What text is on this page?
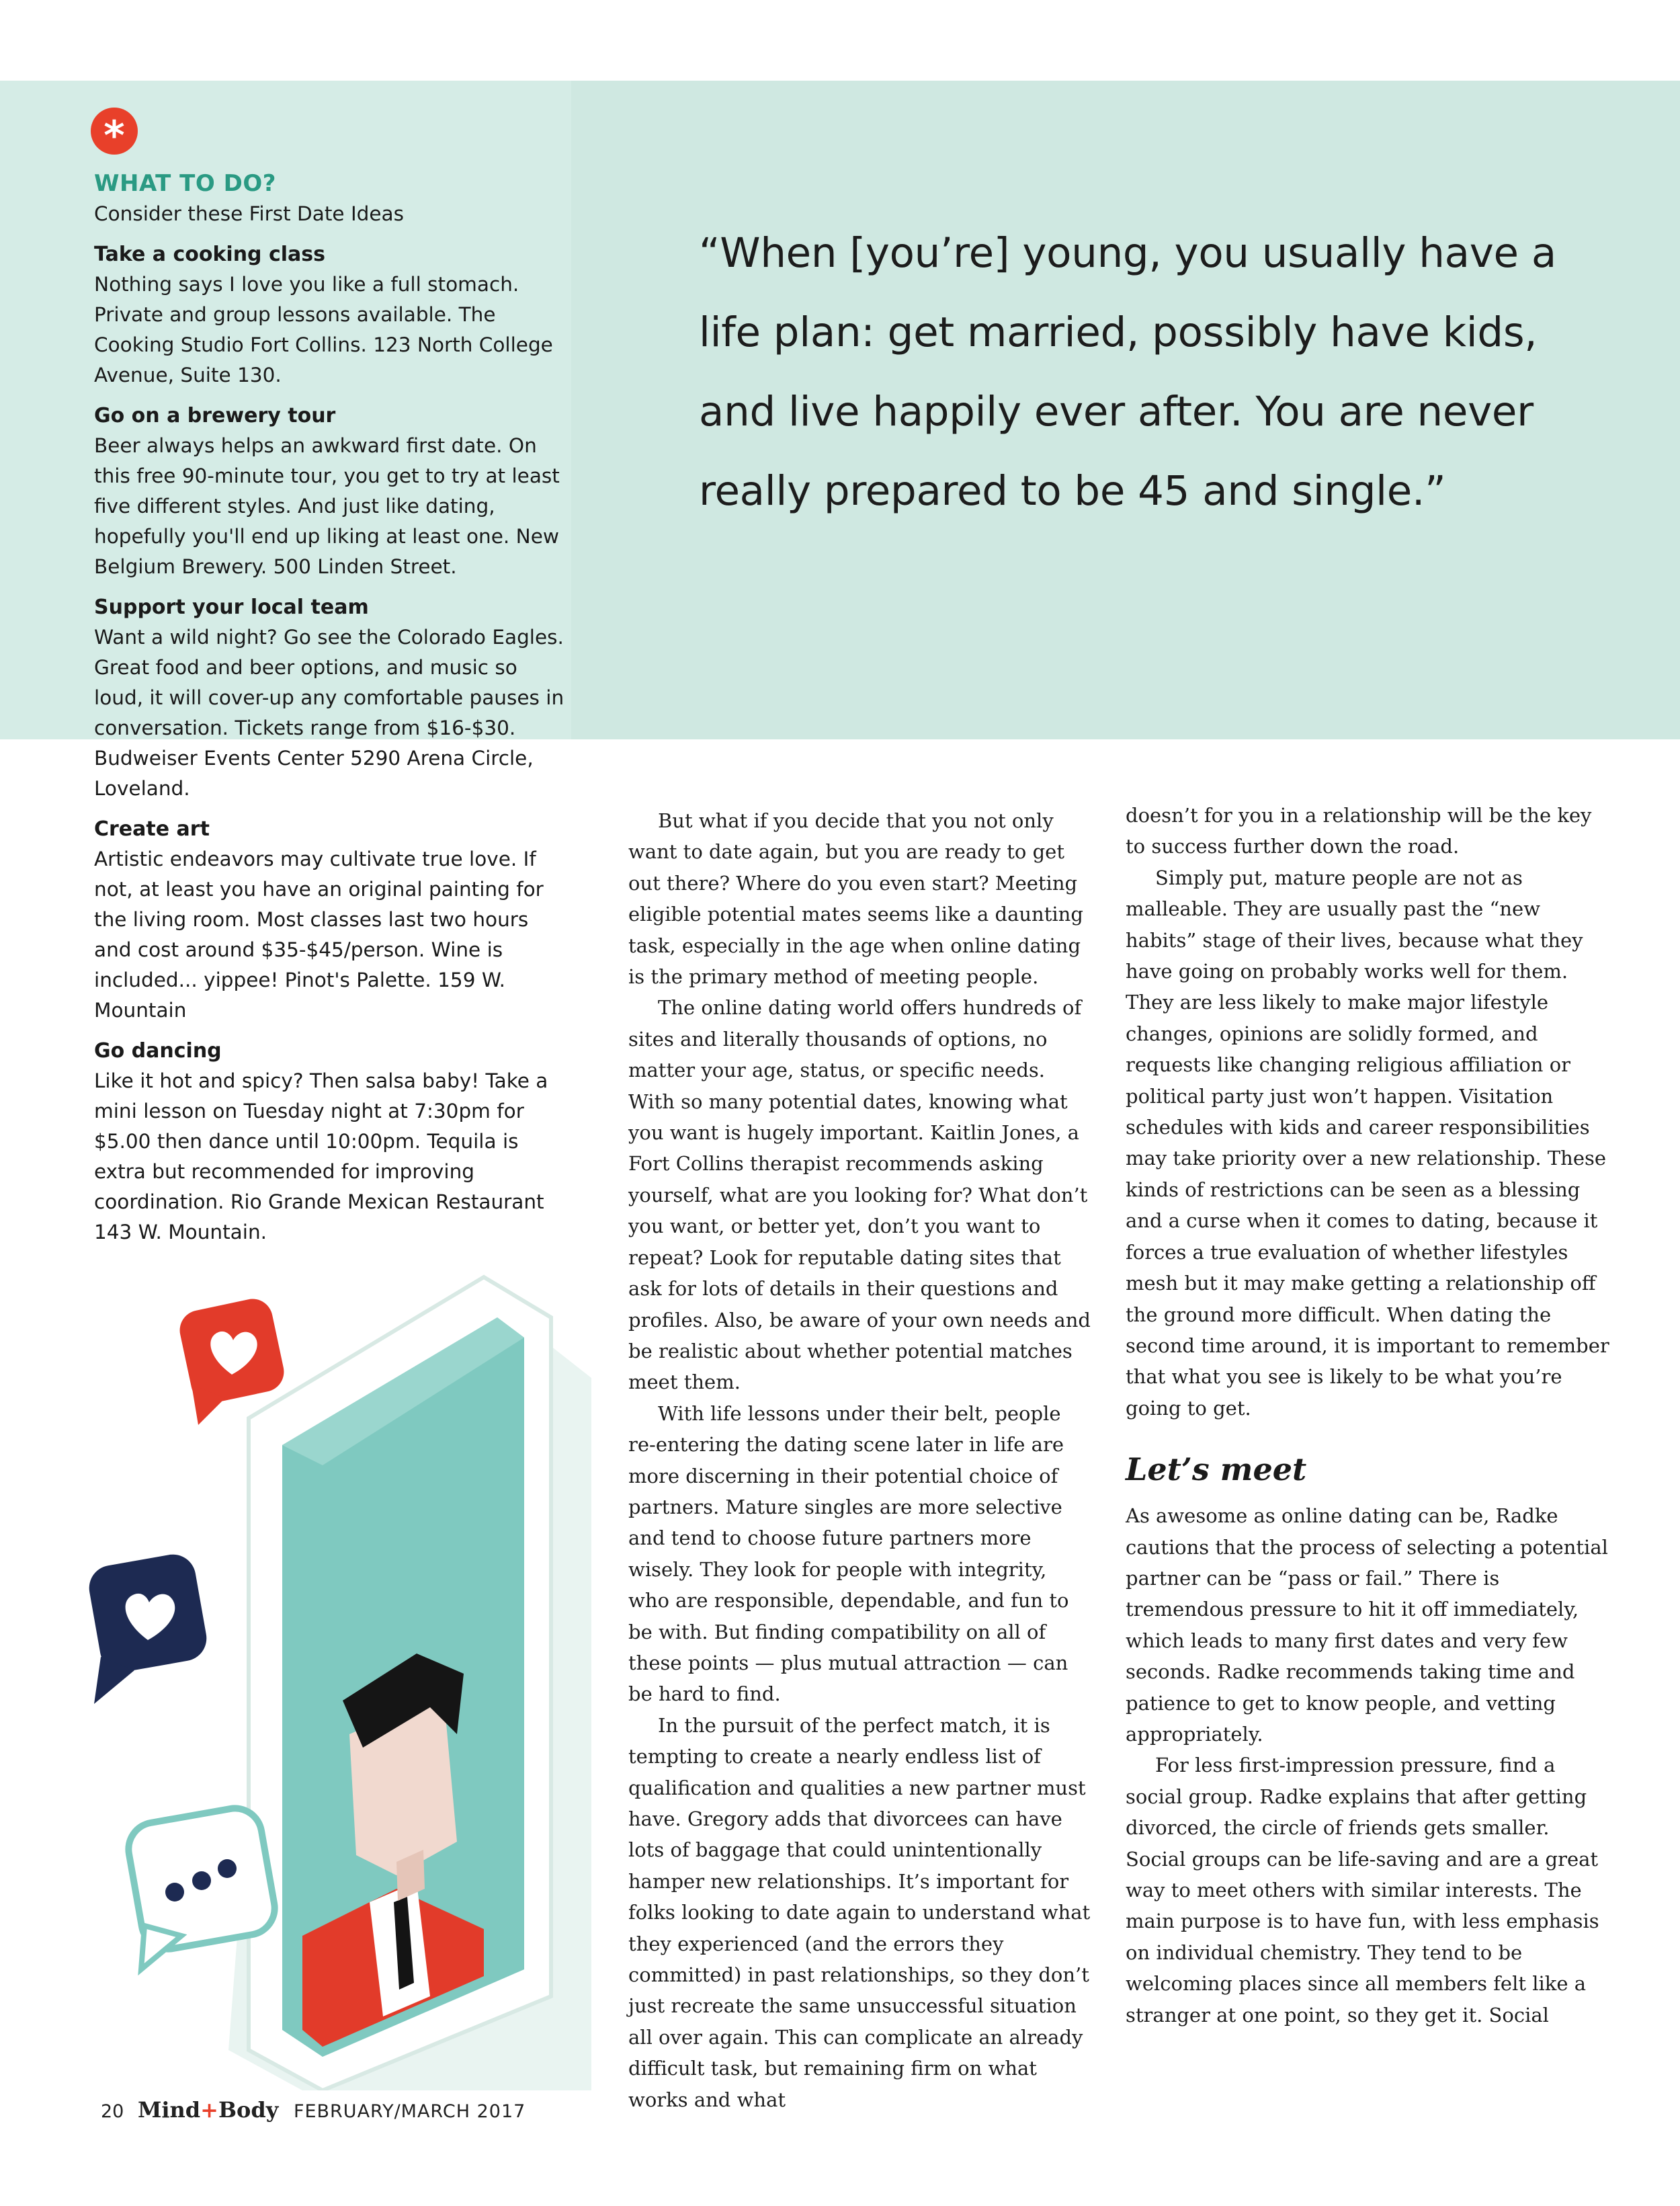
*
WHAT TO DO?
Consider these First Date Ideas
Take a cooking class

Nothing says I love you like a full stomach. Private and group lessons available. The Cooking Studio Fort Collins. 123 North College Avenue, Suite 130.

Go on a brewery tour

Beer always helps an awkward first date. On this free 90-minute tour, you get to try at least five different styles. And just like dating, hopefully you'll end up liking at least one. New Belgium Brewery. 500 Linden Street.

Support your local team

Want a wild night? Go see the Colorado Eagles. Great food and beer options, and music so loud, it will cover-up any comfortable pauses in conversation. Tickets range from $16-$30. Budweiser Events Center 5290 Arena Circle, Loveland.

Create art

Artistic endeavors may cultivate true love. If not, at least you have an original painting for the living room. Most classes last two hours and cost around $35-$45/person. Wine is included... yippee! Pinot's Palette. 159 W. Mountain

Go dancing

Like it hot and spicy? Then salsa baby! Take a mini lesson on Tuesday night at 7:30pm for $5.00 then dance until 10:00pm. Tequila is extra but recommended for improving coordination. Rio Grande Mexican Restaurant 143 W. Mountain.

“When [you’re] young, you usually have a life plan: get married, possibly have kids, and live happily ever after. You are never really prepared to be 45 and single.”

But what if you decide that you not only want to date again, but you are ready to get out there? Where do you even start? Meeting eligible potential mates seems like a daunting task, especially in the age when online dating is the primary method of meeting people.

The online dating world offers hundreds of sites and literally thousands of options, no matter your age, status, or specific needs. With so many potential dates, knowing what you want is hugely important. Kaitlin Jones, a Fort Collins therapist recommends asking yourself, what are you looking for? What don’t you want, or better yet, don’t you want to repeat? Look for reputable dating sites that ask for lots of details in their questions and profiles. Also, be aware of your own needs and be realistic about whether potential matches meet them.

With life lessons under their belt, people re-entering the dating scene later in life are more discerning in their potential choice of partners. Mature singles are more selective and tend to choose future partners more wisely. They look for people with integrity, who are responsible, dependable, and fun to be with. But finding compatibility on all of these points — plus mutual attraction — can be hard to find.

In the pursuit of the perfect match, it is tempting to create a nearly endless list of qualification and qualities a new partner must have. Gregory adds that divorcees can have lots of baggage that could unintentionally hamper new relationships. It’s important for folks looking to date again to understand what they experienced (and the errors they committed) in past relationships, so they don’t just recreate the same unsuccessful situation all over again. This can complicate an already difficult task, but remaining firm on what works and what

doesn’t for you in a relationship will be the key to success further down the road.

Simply put, mature people are not as malleable. They are usually past the “new habits” stage of their lives, because what they have going on probably works well for them. They are less likely to make major lifestyle changes, opinions are solidly formed, and requests like changing religious affiliation or political party just won’t happen. Visitation schedules with kids and career responsibilities may take priority over a new relationship. These kinds of restrictions can be seen as a blessing and a curse when it comes to dating, because it forces a true evaluation of whether lifestyles mesh but it may make getting a relationship off the ground more difficult. When dating the second time around, it is important to remember that what you see is likely to be what you’re going to get.

Let’s meet

As awesome as online dating can be, Radke cautions that the process of selecting a potential partner can be “pass or fail.” There is tremendous pressure to hit it off immediately, which leads to many first dates and very few seconds. Radke recommends taking time and patience to get to know people, and vetting appropriately.

For less first-impression pressure, find a social group. Radke explains that after getting divorced, the circle of friends gets smaller. Social groups can be life-saving and are a great way to meet others with similar interests. The main purpose is to have fun, with less emphasis on individual chemistry. They tend to be welcoming places since all members felt like a stranger at one point, so they get it. Social

20 Mind+Body FEBRUARY/MARCH 2017
